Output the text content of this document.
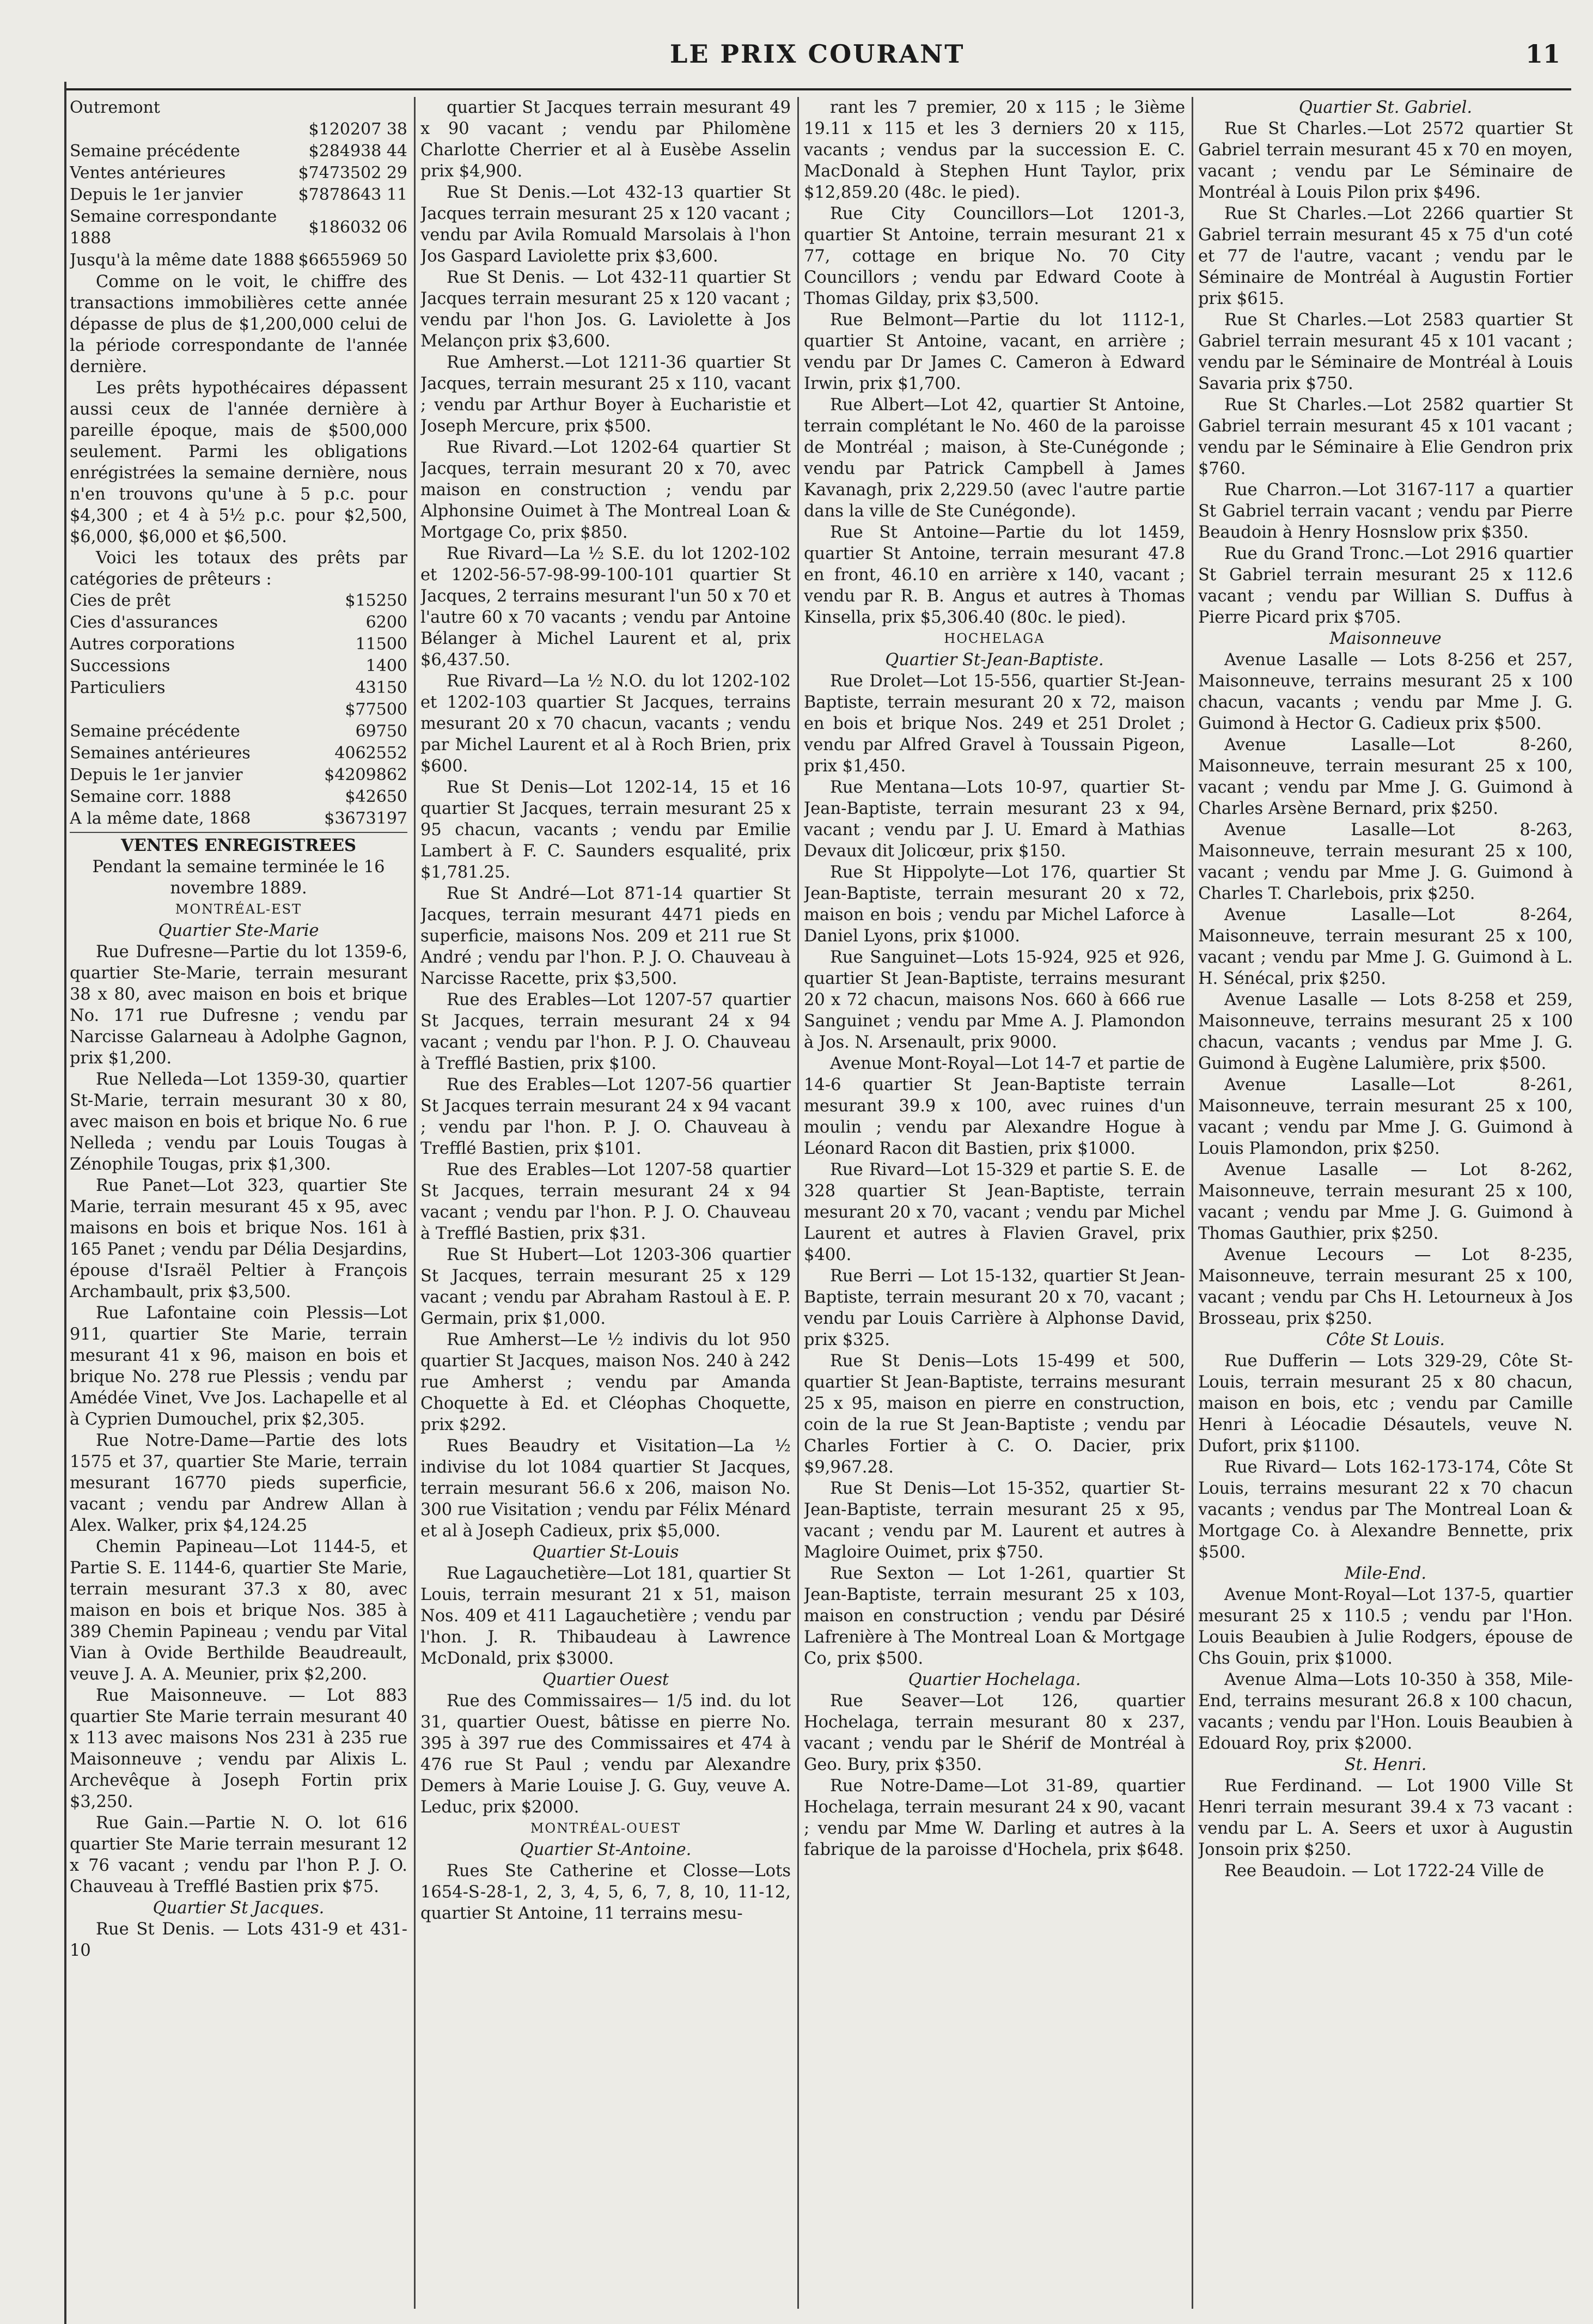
LE PRIX COURANT	11
Outremont	
	$120207 38
Semaine précédente	$284938 44
Ventes antérieures	$7473502 29
Depuis le 1er janvier	$7878643 11
Semaine correspondante 1888	$186032 06
Jusqu'à la même date 1888	$6655969 50

Comme on le voit, le chiffre des transactions immobilières cette année dépasse de plus de $1,200,000 celui de la période correspondante de l'année dernière.

Les prêts hypothécaires dépassent aussi ceux de l'année dernière à pareille époque, mais de $500,000 seulement. Parmi les obligations enrégistrées la semaine dernière, nous n'en trouvons qu'une à 5 p.c. pour $4,300 ; et 4 à 5½ p.c. pour $2,500, $6,000, $6,000 et $6,500.

Voici les totaux des prêts par catégories de prêteurs :

Cies de prêt	$15250
Cies d'assurances	6200
Autres corporations	11500
Successions	1400
Particuliers	43150
	$77500
Semaine précédente	69750
Semaines antérieures	4062552
Depuis le 1er janvier	$4209862
Semaine corr. 1888	$42650
A la même date, 1868	$3673197

VENTES ENREGISTREES

Pendant la semaine terminée le 16 novembre 1889.

MONTRÉAL-EST

Quartier Ste-Marie

Rue Dufresne—Partie du lot 1359-6, quartier Ste-Marie, terrain mesurant 38 x 80, avec maison en bois et brique No. 171 rue Dufresne ; vendu par Narcisse Galarneau à Adolphe Gagnon, prix $1,200.

Rue Nelleda—Lot 1359-30, quartier St-Marie, terrain mesurant 30 x 80, avec maison en bois et brique No. 6 rue Nelleda ; vendu par Louis Tougas à Zénophile Tougas, prix $1,300.

Rue Panet—Lot 323, quartier Ste Marie, terrain mesurant 45 x 95, avec maisons en bois et brique Nos. 161 à 165 Panet ; vendu par Délia Desjardins, épouse d'Israël Peltier à François Archambault, prix $3,500.

Rue Lafontaine coin Plessis—Lot 911, quartier Ste Marie, terrain mesurant 41 x 96, maison en bois et brique No. 278 rue Plessis ; vendu par Amédée Vinet, Vve Jos. Lachapelle et al à Cyprien Dumouchel, prix $2,305.

Rue Notre-Dame—Partie des lots 1575 et 37, quartier Ste Marie, terrain mesurant 16770 pieds superficie, vacant ; vendu par Andrew Allan à Alex. Walker, prix $4,124.25

Chemin Papineau—Lot 1144-5, et Partie S. E. 1144-6, quartier Ste Marie, terrain mesurant 37.3 x 80, avec maison en bois et brique Nos. 385 à 389 Chemin Papineau ; vendu par Vital Vian à Ovide Berthilde Beaudreault, veuve J. A. A. Meunier, prix $2,200.

Rue Maisonneuve. — Lot 883 quartier Ste Marie terrain mesurant 40 x 113 avec maisons Nos 231 à 235 rue Maisonneuve ; vendu par Alixis L. Archevêque à Joseph Fortin prix $3,250.

Rue Gain.—Partie N. O. lot 616 quartier Ste Marie terrain mesurant 12 x 76 vacant ; vendu par l'hon P. J. O. Chauveau à Trefflé Bastien prix $75.

Quartier St Jacques.

Rue St Denis. — Lots 431-9 et 431-10

quartier St Jacques terrain mesurant 49 x 90 vacant ; vendu par Philomène Charlotte Cherrier et al à Eusèbe Asselin prix $4,900.

Rue St Denis.—Lot 432-13 quartier St Jacques terrain mesurant 25 x 120 vacant ; vendu par Avila Romuald Marsolais à l'hon Jos Gaspard Laviolette prix $3,600.

Rue St Denis. — Lot 432-11 quartier St Jacques terrain mesurant 25 x 120 vacant ; vendu par l'hon Jos. G. Laviolette à Jos Melançon prix $3,600.

Rue Amherst.—Lot 1211-36 quartier St Jacques, terrain mesurant 25 x 110, vacant ; vendu par Arthur Boyer à Eucharistie et Joseph Mercure, prix $500.

Rue Rivard.—Lot 1202-64 quartier St Jacques, terrain mesurant 20 x 70, avec maison en construction ; vendu par Alphonsine Ouimet à The Montreal Loan & Mortgage Co, prix $850.

Rue Rivard—La ½ S.E. du lot 1202-102 et 1202-56-57-98-99-100-101 quartier St Jacques, 2 terrains mesurant l'un 50 x 70 et l'autre 60 x 70 vacants ; vendu par Antoine Bélanger à Michel Laurent et al, prix $6,437.50.

Rue Rivard—La ½ N.O. du lot 1202-102 et 1202-103 quartier St Jacques, terrains mesurant 20 x 70 chacun, vacants ; vendu par Michel Laurent et al à Roch Brien, prix $600.

Rue St Denis—Lot 1202-14, 15 et 16 quartier St Jacques, terrain mesurant 25 x 95 chacun, vacants ; vendu par Emilie Lambert à F. C. Saunders esqualité, prix $1,781.25.

Rue St André—Lot 871-14 quartier St Jacques, terrain mesurant 4471 pieds en superficie, maisons Nos. 209 et 211 rue St André ; vendu par l'hon. P. J. O. Chauveau à Narcisse Racette, prix $3,500.

Rue des Erables—Lot 1207-57 quartier St Jacques, terrain mesurant 24 x 94 vacant ; vendu par l'hon. P. J. O. Chauveau à Trefflé Bastien, prix $100.

Rue des Erables—Lot 1207-56 quartier St Jacques terrain mesurant 24 x 94 vacant ; vendu par l'hon. P. J. O. Chauveau à Trefflé Bastien, prix $101.

Rue des Erables—Lot 1207-58 quartier St Jacques, terrain mesurant 24 x 94 vacant ; vendu par l'hon. P. J. O. Chauveau à Trefflé Bastien, prix $31.

Rue St Hubert—Lot 1203-306 quartier St Jacques, terrain mesurant 25 x 129 vacant ; vendu par Abraham Rastoul à E. P. Germain, prix $1,000.

Rue Amherst—Le ½ indivis du lot 950 quartier St Jacques, maison Nos. 240 à 242 rue Amherst ; vendu par Amanda Choquette à Ed. et Cléophas Choquette, prix $292.

Rues Beaudry et Visitation—La ½ indivise du lot 1084 quartier St Jacques, terrain mesurant 56.6 x 206, maison No. 300 rue Visitation ; vendu par Félix Ménard et al à Joseph Cadieux, prix $5,000.

Quartier St-Louis

Rue Lagauchetière—Lot 181, quartier St Louis, terrain mesurant 21 x 51, maison Nos. 409 et 411 Lagauchetière ; vendu par l'hon. J. R. Thibaudeau à Lawrence McDonald, prix $3000.

Quartier Ouest

Rue des Commissaires— 1/5 ind. du lot 31, quartier Ouest, bâtisse en pierre No. 395 à 397 rue des Commissaires et 474 à 476 rue St Paul ; vendu par Alexandre Demers à Marie Louise J. G. Guy, veuve A. Leduc, prix $2000.

MONTRÉAL-OUEST

Quartier St-Antoine.

Rues Ste Catherine et Closse—Lots 1654-S-28-1, 2, 3, 4, 5, 6, 7, 8, 10, 11-12, quartier St Antoine, 11 terrains mesu-

rant les 7 premier, 20 x 115 ; le 3ième 19.11 x 115 et les 3 derniers 20 x 115, vacants ; vendus par la succession E. C. MacDonald à Stephen Hunt Taylor, prix $12,859.20 (48c. le pied).

Rue City Councillors—Lot 1201-3, quartier St Antoine, terrain mesurant 21 x 77, cottage en brique No. 70 City Councillors ; vendu par Edward Coote à Thomas Gilday, prix $3,500.

Rue Belmont—Partie du lot 1112-1, quartier St Antoine, vacant, en arrière ; vendu par Dr James C. Cameron à Edward Irwin, prix $1,700.

Rue Albert—Lot 42, quartier St Antoine, terrain complétant le No. 460 de la paroisse de Montréal ; maison, à Ste-Cunégonde ; vendu par Patrick Campbell à James Kavanagh, prix 2,229.50 (avec l'autre partie dans la ville de Ste Cunégonde).

Rue St Antoine—Partie du lot 1459, quartier St Antoine, terrain mesurant 47.8 en front, 46.10 en arrière x 140, vacant ; vendu par R. B. Angus et autres à Thomas Kinsella, prix $5,306.40 (80c. le pied).

HOCHELAGA

Quartier St-Jean-Baptiste.

Rue Drolet—Lot 15-556, quartier St-Jean-Baptiste, terrain mesurant 20 x 72, maison en bois et brique Nos. 249 et 251 Drolet ; vendu par Alfred Gravel à Toussain Pigeon, prix $1,450.

Rue Mentana—Lots 10-97, quartier St-Jean-Baptiste, terrain mesurant 23 x 94, vacant ; vendu par J. U. Emard à Mathias Devaux dit Jolicœur, prix $150.

Rue St Hippolyte—Lot 176, quartier St Jean-Baptiste, terrain mesurant 20 x 72, maison en bois ; vendu par Michel Laforce à Daniel Lyons, prix $1000.

Rue Sanguinet—Lots 15-924, 925 et 926, quartier St Jean-Baptiste, terrains mesurant 20 x 72 chacun, maisons Nos. 660 à 666 rue Sanguinet ; vendu par Mme A. J. Plamondon à Jos. N. Arsenault, prix 9000.

Avenue Mont-Royal—Lot 14-7 et partie de 14-6 quartier St Jean-Baptiste terrain mesurant 39.9 x 100, avec ruines d'un moulin ; vendu par Alexandre Hogue à Léonard Racon dit Bastien, prix $1000.

Rue Rivard—Lot 15-329 et partie S. E. de 328 quartier St Jean-Baptiste, terrain mesurant 20 x 70, vacant ; vendu par Michel Laurent et autres à Flavien Gravel, prix $400.

Rue Berri — Lot 15-132, quartier St Jean-Baptiste, terrain mesurant 20 x 70, vacant ; vendu par Louis Carrière à Alphonse David, prix $325.

Rue St Denis—Lots 15-499 et 500, quartier St Jean-Baptiste, terrains mesurant 25 x 95, maison en pierre en construction, coin de la rue St Jean-Baptiste ; vendu par Charles Fortier à C. O. Dacier, prix $9,967.28.

Rue St Denis—Lot 15-352, quartier St-Jean-Baptiste, terrain mesurant 25 x 95, vacant ; vendu par M. Laurent et autres à Magloire Ouimet, prix $750.

Rue Sexton — Lot 1-261, quartier St Jean-Baptiste, terrain mesurant 25 x 103, maison en construction ; vendu par Désiré Lafrenière à The Montreal Loan & Mortgage Co, prix $500.

Quartier Hochelaga.

Rue Seaver—Lot 126, quartier Hochelaga, terrain mesurant 80 x 237, vacant ; vendu par le Shérif de Montréal à Geo. Bury, prix $350.

Rue Notre-Dame—Lot 31-89, quartier Hochelaga, terrain mesurant 24 x 90, vacant ; vendu par Mme W. Darling et autres à la fabrique de la paroisse d'Hochela, prix $648.

Quartier St. Gabriel.

Rue St Charles.—Lot 2572 quartier St Gabriel terrain mesurant 45 x 70 en moyen, vacant ; vendu par Le Séminaire de Montréal à Louis Pilon prix $496.

Rue St Charles.—Lot 2266 quartier St Gabriel terrain mesurant 45 x 75 d'un coté et 77 de l'autre, vacant ; vendu par le Séminaire de Montréal à Augustin Fortier prix $615.

Rue St Charles.—Lot 2583 quartier St Gabriel terrain mesurant 45 x 101 vacant ; vendu par le Séminaire de Montréal à Louis Savaria prix $750.

Rue St Charles.—Lot 2582 quartier St Gabriel terrain mesurant 45 x 101 vacant ; vendu par le Séminaire à Elie Gendron prix $760.

Rue Charron.—Lot 3167-117 a quartier St Gabriel terrain vacant ; vendu par Pierre Beaudoin à Henry Hosnslow prix $350.

Rue du Grand Tronc.—Lot 2916 quartier St Gabriel terrain mesurant 25 x 112.6 vacant ; vendu par Willian S. Duffus à Pierre Picard prix $705.

Maisonneuve

Avenue Lasalle — Lots 8-256 et 257, Maisonneuve, terrains mesurant 25 x 100 chacun, vacants ; vendu par Mme J. G. Guimond à Hector G. Cadieux prix $500.

Avenue Lasalle—Lot 8-260, Maisonneuve, terrain mesurant 25 x 100, vacant ; vendu par Mme J. G. Guimond à Charles Arsène Bernard, prix $250.

Avenue Lasalle—Lot 8-263, Maisonneuve, terrain mesurant 25 x 100, vacant ; vendu par Mme J. G. Guimond à Charles T. Charlebois, prix $250.

Avenue Lasalle—Lot 8-264, Maisonneuve, terrain mesurant 25 x 100, vacant ; vendu par Mme J. G. Guimond à L. H. Sénécal, prix $250.

Avenue Lasalle — Lots 8-258 et 259, Maisonneuve, terrains mesurant 25 x 100 chacun, vacants ; vendus par Mme J. G. Guimond à Eugène Lalumière, prix $500.

Avenue Lasalle—Lot 8-261, Maisonneuve, terrain mesurant 25 x 100, vacant ; vendu par Mme J. G. Guimond à Louis Plamondon, prix $250.

Avenue Lasalle — Lot 8-262, Maisonneuve, terrain mesurant 25 x 100, vacant ; vendu par Mme J. G. Guimond à Thomas Gauthier, prix $250.

Avenue Lecours — Lot 8-235, Maisonneuve, terrain mesurant 25 x 100, vacant ; vendu par Chs H. Letourneux à Jos Brosseau, prix $250.

Côte St Louis.

Rue Dufferin — Lots 329-29, Côte St-Louis, terrain mesurant 25 x 80 chacun, maison en bois, etc ; vendu par Camille Henri à Léocadie Désautels, veuve N. Dufort, prix $1100.

Rue Rivard— Lots 162-173-174, Côte St Louis, terrains mesurant 22 x 70 chacun vacants ; vendus par The Montreal Loan & Mortgage Co. à Alexandre Bennette, prix $500.

Mile-End.

Avenue Mont-Royal—Lot 137-5, quartier mesurant 25 x 110.5 ; vendu par l'Hon. Louis Beaubien à Julie Rodgers, épouse de Chs Gouin, prix $1000.

Avenue Alma—Lots 10-350 à 358, Mile-End, terrains mesurant 26.8 x 100 chacun, vacants ; vendu par l'Hon. Louis Beaubien à Edouard Roy, prix $2000.

St. Henri.

Rue Ferdinand. — Lot 1900 Ville St Henri terrain mesurant 39.4 x 73 vacant : vendu par L. A. Seers et uxor à Augustin Jonsoin prix $250.

Ree Beaudoin. — Lot 1722-24 Ville de
